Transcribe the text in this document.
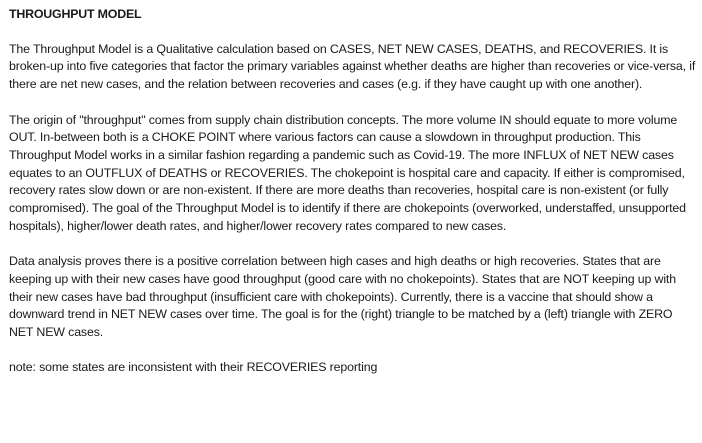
THROUGHPUT MODEL
The Throughput Model is a Qualitative calculation based on CASES, NET NEW CASES, DEATHS, and RECOVERIES. It is broken-up into five categories that factor the primary variables against whether deaths are higher than recoveries or vice-versa, if there are net new cases, and the relation between recoveries and cases (e.g. if they have caught up with one another).
The origin of "throughput" comes from supply chain distribution concepts. The more volume IN should equate to more volume OUT. In-between both is a CHOKE POINT where various factors can cause a slowdown in throughput production. This Throughput Model works in a similar fashion regarding a pandemic such as Covid-19. The more INFLUX of NET NEW cases equates to an OUTFLUX of DEATHS or RECOVERIES. The chokepoint is hospital care and capacity. If either is compromised, recovery rates slow down or are non-existent. If there are more deaths than recoveries, hospital care is non-existent (or fully compromised). The goal of the Throughput Model is to identify if there are chokepoints (overworked, understaffed, unsupported hospitals), higher/lower death rates, and higher/lower recovery rates compared to new cases.
Data analysis proves there is a positive correlation between high cases and high deaths or high recoveries. States that are keeping up with their new cases have good throughput (good care with no chokepoints). States that are NOT keeping up with their new cases have bad throughput (insufficient care with chokepoints). Currently, there is a vaccine that should show a downward trend in NET NEW cases over time. The goal is for the (right) triangle to be matched by a (left) triangle with ZERO NET NEW cases.
note: some states are inconsistent with their RECOVERIES reporting
